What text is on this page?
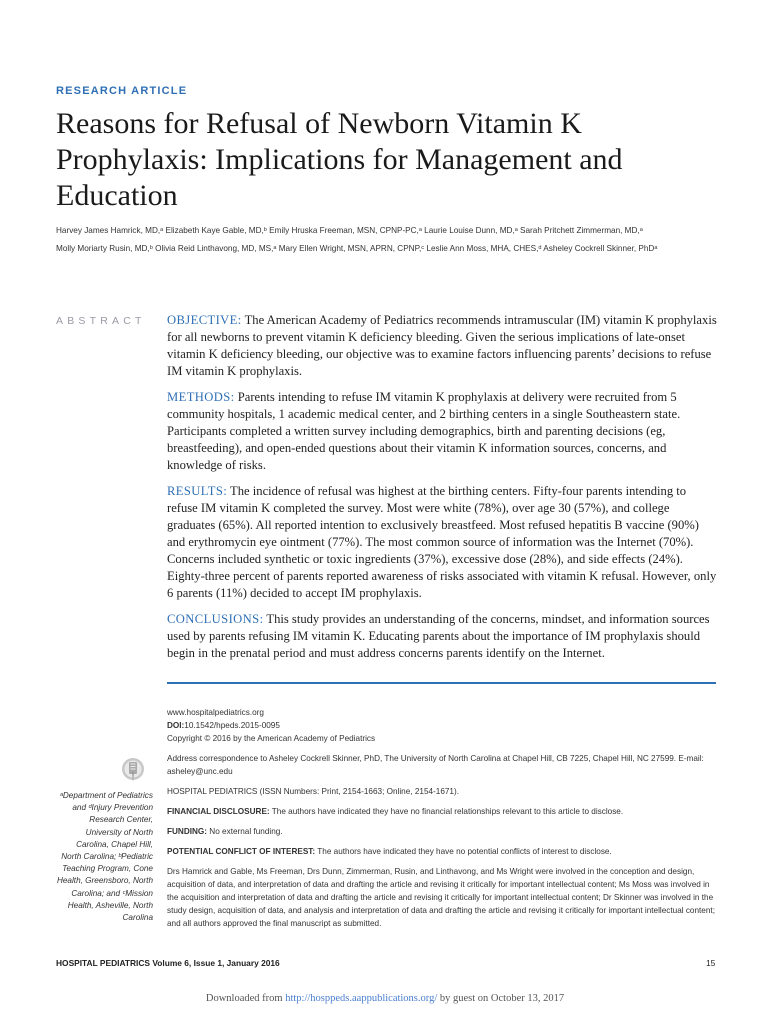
RESEARCH ARTICLE
Reasons for Refusal of Newborn Vitamin K Prophylaxis: Implications for Management and Education
Harvey James Hamrick, MD,ᵃ Elizabeth Kaye Gable, MD,ᵇ Emily Hruska Freeman, MSN, CPNP-PC,ᵃ Laurie Louise Dunn, MD,ᵃ Sarah Pritchett Zimmerman, MD,ᵃ
Molly Moriarty Rusin, MD,ᵇ Olivia Reid Linthavong, MD, MS,ᵃ Mary Ellen Wright, MSN, APRN, CPNP,ᶜ Leslie Ann Moss, MHA, CHES,ᵈ Asheley Cockrell Skinner, PhDᵃ
ABSTRACT OBJECTIVE: The American Academy of Pediatrics recommends intramuscular (IM) vitamin K prophylaxis for all newborns to prevent vitamin K deficiency bleeding. Given the serious implications of late-onset vitamin K deficiency bleeding, our objective was to examine factors influencing parents’ decisions to refuse IM vitamin K prophylaxis.

METHODS: Parents intending to refuse IM vitamin K prophylaxis at delivery were recruited from 5 community hospitals, 1 academic medical center, and 2 birthing centers in a single Southeastern state. Participants completed a written survey including demographics, birth and parenting decisions (eg, breastfeeding), and open-ended questions about their vitamin K information sources, concerns, and knowledge of risks.

RESULTS: The incidence of refusal was highest at the birthing centers. Fifty-four parents intending to refuse IM vitamin K completed the survey. Most were white (78%), over age 30 (57%), and college graduates (65%). All reported intention to exclusively breastfeed. Most refused hepatitis B vaccine (90%) and erythromycin eye ointment (77%). The most common source of information was the Internet (70%). Concerns included synthetic or toxic ingredients (37%), excessive dose (28%), and side effects (24%). Eighty-three percent of parents reported awareness of risks associated with vitamin K refusal. However, only 6 parents (11%) decided to accept IM prophylaxis.

CONCLUSIONS: This study provides an understanding of the concerns, mindset, and information sources used by parents refusing IM vitamin K. Educating parents about the importance of IM prophylaxis should begin in the prenatal period and must address concerns parents identify on the Internet.

www.hospitalpediatrics.org

DOI:10.1542/hpeds.2015-0095

Copyright © 2016 by the American Academy of Pediatrics

Address correspondence to Asheley Cockrell Skinner, PhD, The University of North Carolina at Chapel Hill, CB 7225, Chapel Hill, NC 27599. E-mail: asheley@unc.edu

HOSPITAL PEDIATRICS (ISSN Numbers: Print, 2154-1663; Online, 2154-1671).

FINANCIAL DISCLOSURE: The authors have indicated they have no financial relationships relevant to this article to disclose.

FUNDING: No external funding.

POTENTIAL CONFLICT OF INTEREST: The authors have indicated they have no potential conflicts of interest to disclose.

Drs Hamrick and Gable, Ms Freeman, Drs Dunn, Zimmerman, Rusin, and Linthavong, and Ms Wright were involved in the conception and design, acquisition of data, and interpretation of data and drafting the article and revising it critically for important intellectual content; Ms Moss was involved in the acquisition and interpretation of data and drafting the article and revising it critically for important intellectual content; Dr Skinner was involved in the study design, acquisition of data, and analysis and interpretation of data and drafting the article and revising it critically for important intellectual content; and all authors approved the final manuscript as submitted.

ᵃDepartment of Pediatrics and ᵈInjury Prevention Research Center, University of North Carolina, Chapel Hill, North Carolina; ᵇPediatric Teaching Program, Cone Health, Greensboro, North Carolina; and ᶜMission Health, Asheville, North Carolina
HOSPITAL PEDIATRICS Volume 6, Issue 1, January 2016	15
Downloaded from http://hosppeds.aappublications.org/ by guest on October 13, 2017
